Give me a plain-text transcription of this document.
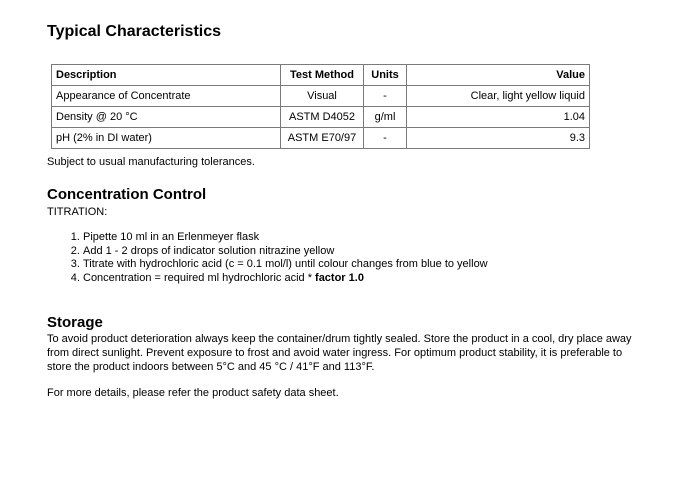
Typical Characteristics
Description	Test Method	Units	Value
Appearance of Concentrate	Visual	-	Clear, light yellow liquid
Density @ 20 °C	ASTM D4052	g/ml	1.04
pH (2% in DI water)	ASTM E70/97	-	9.3
Subject to usual manufacturing tolerances.
Concentration Control
TITRATION:
1. Pipette 10 ml in an Erlenmeyer flask
2. Add 1 - 2 drops of indicator solution nitrazine yellow
3. Titrate with hydrochloric acid (c = 0.1 mol/l) until colour changes from blue to yellow
4. Concentration = required ml hydrochloric acid * factor 1.0
Storage

To avoid product deterioration always keep the container/drum tightly sealed. Store the product in a cool, dry place away from direct sunlight. Prevent exposure to frost and avoid water ingress. For optimum product stability, it is preferable to store the product indoors between 5°C and 45 °C / 41°F and 113°F.

For more details, please refer the product safety data sheet.
